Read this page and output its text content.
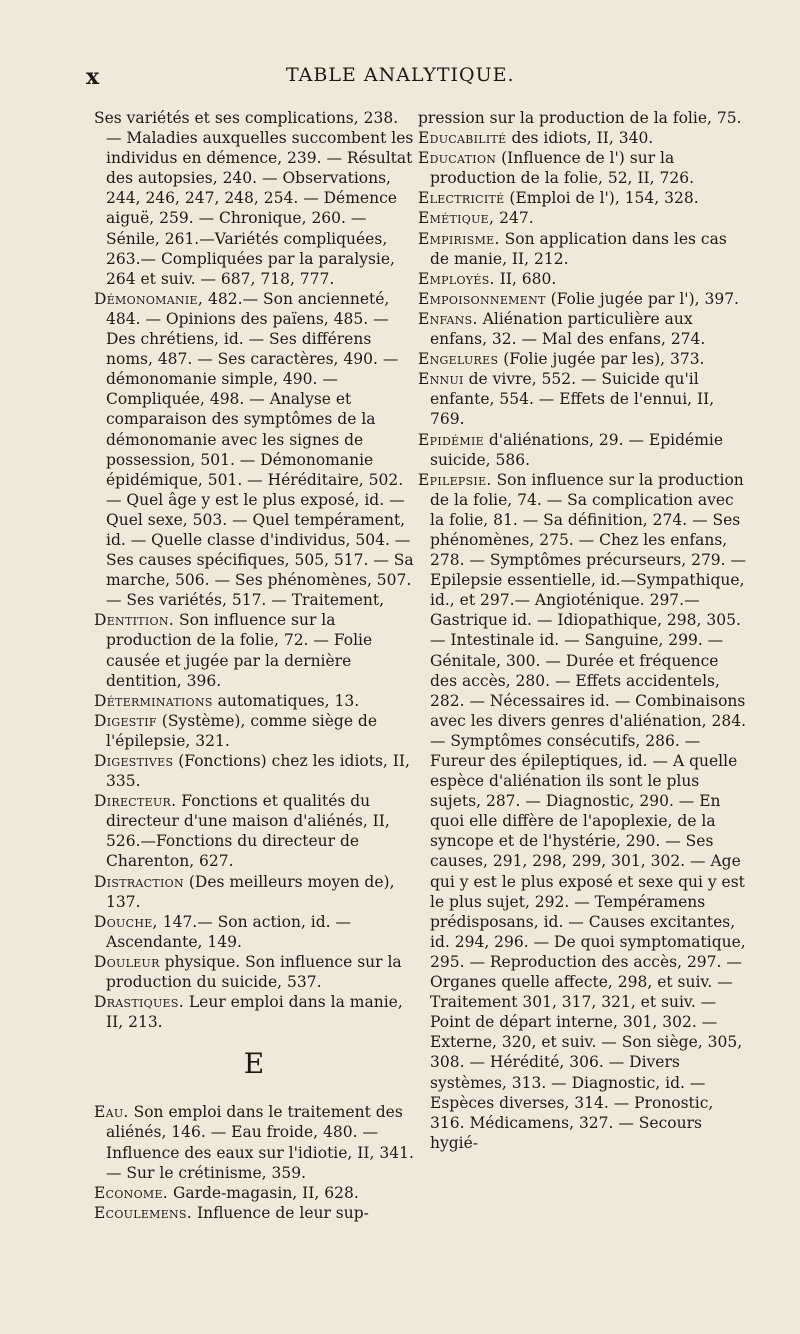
x	TABLE ANALYTIQUE.
Ses variétés et ses complications, 238. — Maladies auxquelles succombent les individus en démence, 239. — Résultat des autopsies, 240. — Observations, 244, 246, 247, 248, 254. — Démence aiguë, 259. — Chronique, 260. —Sénile, 261.—Variétés compliquées, 263.— Compliquées par la paralysie, 264 et suiv. — 687, 718, 777.
Démonomanie, 482.— Son ancienneté, 484. — Opinions des païens, 485. — Des chrétiens, id. — Ses différens noms, 487. — Ses caractères, 490. — démonomanie simple, 490. — Compliquée, 498. — Analyse et comparaison des symptômes de la démonomanie avec les signes de possession, 501. — Démonomanie épidémique, 501. — Héréditaire, 502. — Quel âge y est le plus exposé, id. — Quel sexe, 503. — Quel tempérament, id. — Quelle classe d'individus, 504. — Ses causes spécifiques, 505, 517. — Sa marche, 506. — Ses phénomènes, 507. — Ses variétés, 517. — Traitement,
Dentition. Son influence sur la production de la folie, 72. — Folie causée et jugée par la dernière dentition, 396.
Déterminations automatiques, 13.
Digestif (Système), comme siège de l'épilepsie, 321.
Digestives (Fonctions) chez les idiots, II, 335.
Directeur. Fonctions et qualités du directeur d'une maison d'aliénés, II, 526.—Fonctions du directeur de Charenton, 627.
Distraction (Des meilleurs moyen de), 137.
Douche, 147.— Son action, id. — Ascendante, 149.
Douleur physique. Son influence sur la production du suicide, 537.
Drastiques. Leur emploi dans la manie, II, 213.
E
Eau. Son emploi dans le traitement des aliénés, 146. — Eau froide, 480. — Influence des eaux sur l'idiotie, II, 341. — Sur le crétinisme, 359.
Econome. Garde-magasin, II, 628.
Ecoulemens. Influence de leur sup-
pression sur la production de la folie, 75.
Educabilité des idiots, II, 340.
Education (Influence de l') sur la production de la folie, 52, II, 726.
Electricité (Emploi de l'), 154, 328.
Emétique, 247.
Empirisme. Son application dans les cas de manie, II, 212.
Employés. II, 680.
Empoisonnement (Folie jugée par l'), 397.
Enfans. Aliénation particulière aux enfans, 32. — Mal des enfans, 274.
Engelures (Folie jugée par les), 373.
Ennui de vivre, 552. — Suicide qu'il enfante, 554. — Effets de l'ennui, II, 769.
Epidémie d'aliénations, 29. — Epidémie suicide, 586.
Epilepsie. Son influence sur la production de la folie, 74. — Sa complication avec la folie, 81. — Sa définition, 274. — Ses phénomènes, 275. — Chez les enfans, 278. — Symptômes précurseurs, 279. — Epilepsie essentielle, id.—Sympathique, id., et 297.— Angioténique. 297.— Gastrique id. — Idiopathique, 298, 305. — Intestinale id. — Sanguine, 299. — Génitale, 300. — Durée et fréquence des accès, 280. — Effets accidentels, 282. — Nécessaires id. — Combinaisons avec les divers genres d'aliénation, 284. — Symptômes consécutifs, 286. — Fureur des épileptiques, id. — A quelle espèce d'aliénation ils sont le plus sujets, 287. — Diagnostic, 290. — En quoi elle diffère de l'apoplexie, de la syncope et de l'hystérie, 290. — Ses causes, 291, 298, 299, 301, 302. — Age qui y est le plus exposé et sexe qui y est le plus sujet, 292. — Tempéramens prédisposans, id. — Causes excitantes, id. 294, 296. — De quoi symptomatique, 295. — Reproduction des accès, 297. — Organes quelle affecte, 298, et suiv. — Traitement 301, 317, 321, et suiv. — Point de départ interne, 301, 302. — Externe, 320, et suiv. — Son siège, 305, 308. — Hérédité, 306. — Divers systèmes, 313. — Diagnostic, id. — Espèces diverses, 314. — Pronostic, 316. Médicamens, 327. — Secours hygié-
